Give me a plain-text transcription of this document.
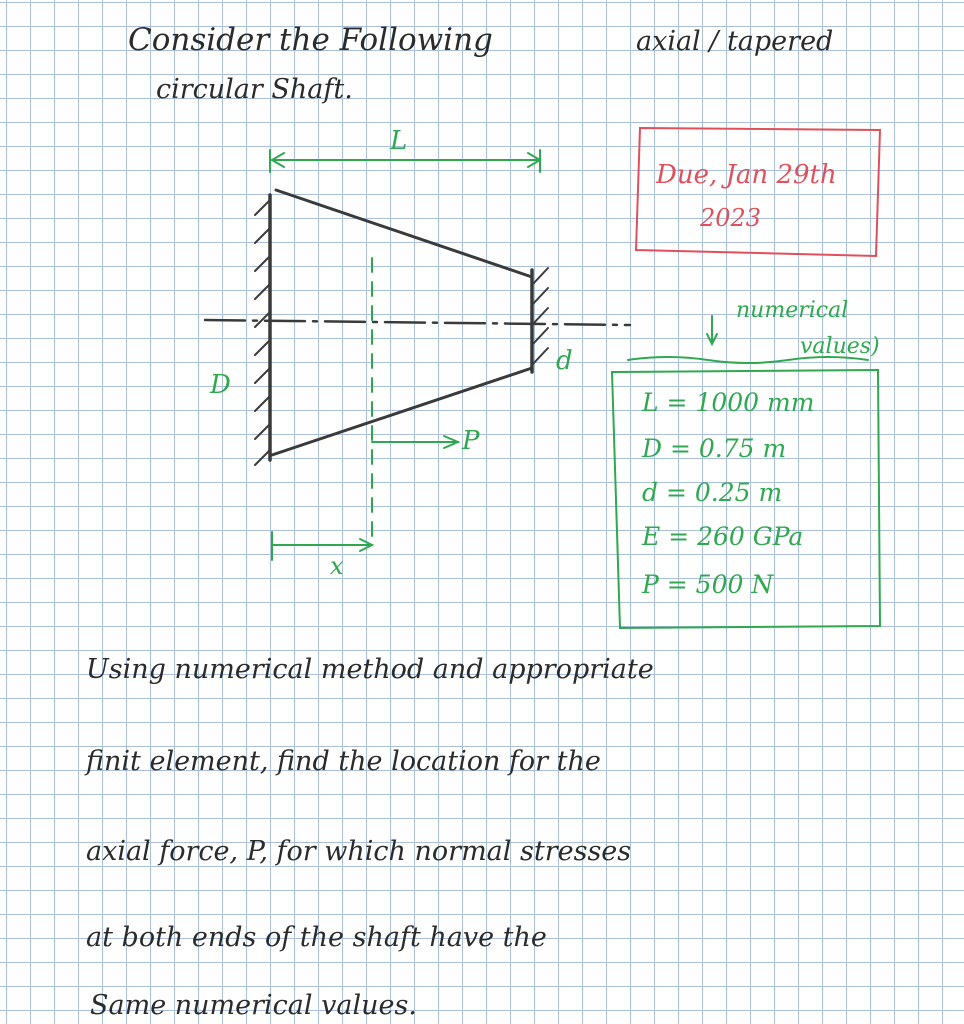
Consider the Following	axial / tapered
circular Shaft.
L
D
d
P
x
Due, Jan 29th
2023
numerical
values)
L = 1000 mm
D = 0.75 m
d = 0.25 m
E = 260 GPa
P = 500 N
Using numerical method and appropriate
finit element, find the location for the
axial force, P, for which normal stresses
at both ends of the shaft have the
Same numerical values.
